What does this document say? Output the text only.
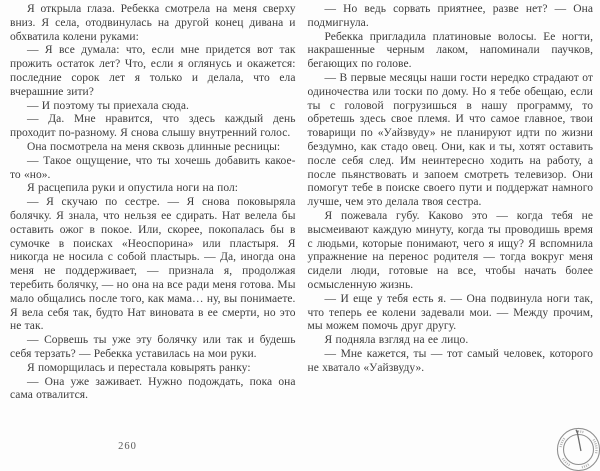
Я открыла глаза. Ребекка смотрела на меня сверху вниз. Я села, отодвинулась на другой конец дивана и обхватила колени руками:

— Я все думала: что, если мне придется вот так прожить остаток лет? Что, если я оглянусь и окажется: последние сорок лет я только и делала, что ела вчерашние зити?

— И поэтому ты приехала сюда.

— Да. Мне нравится, что здесь каждый день проходит по-разному. Я снова слышу внутренний голос.

Она посмотрела на меня сквозь длинные ресницы:

— Такое ощущение, что ты хочешь добавить какое-то «но».

Я расцепила руки и опустила ноги на пол:

— Я скучаю по сестре. — Я снова поковыряла болячку. Я знала, что нельзя ее сдирать. Нат велела бы оставить ожог в покое. Или, скорее, покопалась бы в сумочке в поисках «Неоспорина» или пластыря. Я никогда не носила с собой пластырь. — Да, иногда она меня не поддерживает, — признала я, продолжая теребить болячку, — но она на все ради меня готова. Мы мало общались после того, как мама… ну, вы понимаете. Я вела себя так, будто Нат виновата в ее смерти, но это не так.

— Сорвешь ты уже эту болячку или так и будешь себя терзать? — Ребекка уставилась на мои руки.

Я поморщилась и перестала ковырять ранку:

— Она уже заживает. Нужно подождать, пока она сама отвалится.

— Но ведь сорвать приятнее, разве нет? — Она подмигнула.

Ребекка пригладила платиновые волосы. Ее ногти, накрашенные черным лаком, напоминали паучков, бегающих по голове.

— В первые месяцы наши гости нередко страдают от одиночества или тоски по дому. Но я тебе обещаю, если ты с головой погрузишься в нашу программу, то обретешь здесь свое племя. И что самое главное, твои товарищи по «Уайзвуду» не планируют идти по жизни бездумно, как стадо овец. Они, как и ты, хотят оставить после себя след. Им неинтересно ходить на работу, а после пьянствовать и запоем смотреть телевизор. Они помогут тебе в поиске своего пути и поддержат намного лучше, чем это делала твоя сестра.

Я пожевала губу. Каково это — когда тебя не высмеивают каждую минуту, когда ты проводишь время с людьми, которые понимают, чего я ищу? Я вспомнила упражнение на перенос родителя — тогда вокруг меня сидели люди, готовые на все, чтобы начать более осмысленную жизнь.

— И еще у тебя есть я. — Она подвинула ноги так, что теперь ее колени задевали мои. — Между прочим, мы можем помочь друг другу.

Я подняла взгляд на ее лицо.

— Мне кажется, ты — тот самый человек, которого не хватало «Уайзвуду».

260
